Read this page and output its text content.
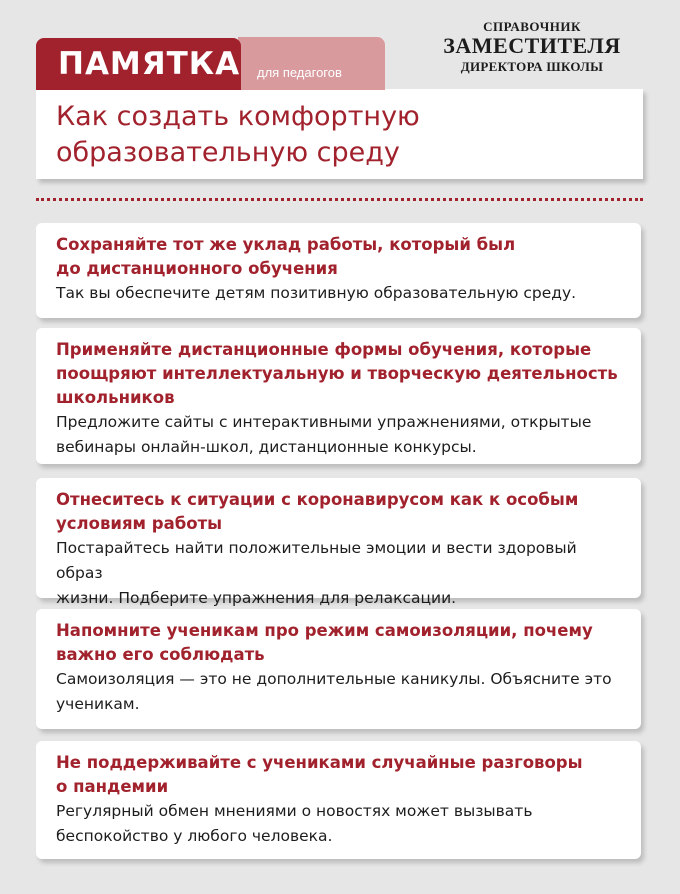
ПАМЯТКА для педагогов
СПРАВОЧНИК
ЗАМЕСТИТЕЛЯ
ДИРЕКТОРА ШКОЛЫ
Как создать комфортную
образовательную среду

Сохраняйте тот же уклад работы, который был
до дистанционного обучения

Так вы обеспечите детям позитивную образовательную среду.

Применяйте дистанционные формы обучения, которые
поощряют интеллектуальную и творческую деятельность
школьников

Предложите сайты с интерактивными упражнениями, открытые
вебинары онлайн-школ, дистанционные конкурсы.

Отнеситесь к ситуации с коронавирусом как к особым
условиям работы

Постарайтесь найти положительные эмоции и вести здоровый образ
жизни. Подберите упражнения для релаксации.

Напомните ученикам про режим самоизоляции, почему
важно его соблюдать

Самоизоляция — это не дополнительные каникулы. Объясните это
ученикам.

Не поддерживайте с учениками случайные разговоры
о пандемии

Регулярный обмен мнениями о новостях может вызывать
беспокойство у любого человека.
